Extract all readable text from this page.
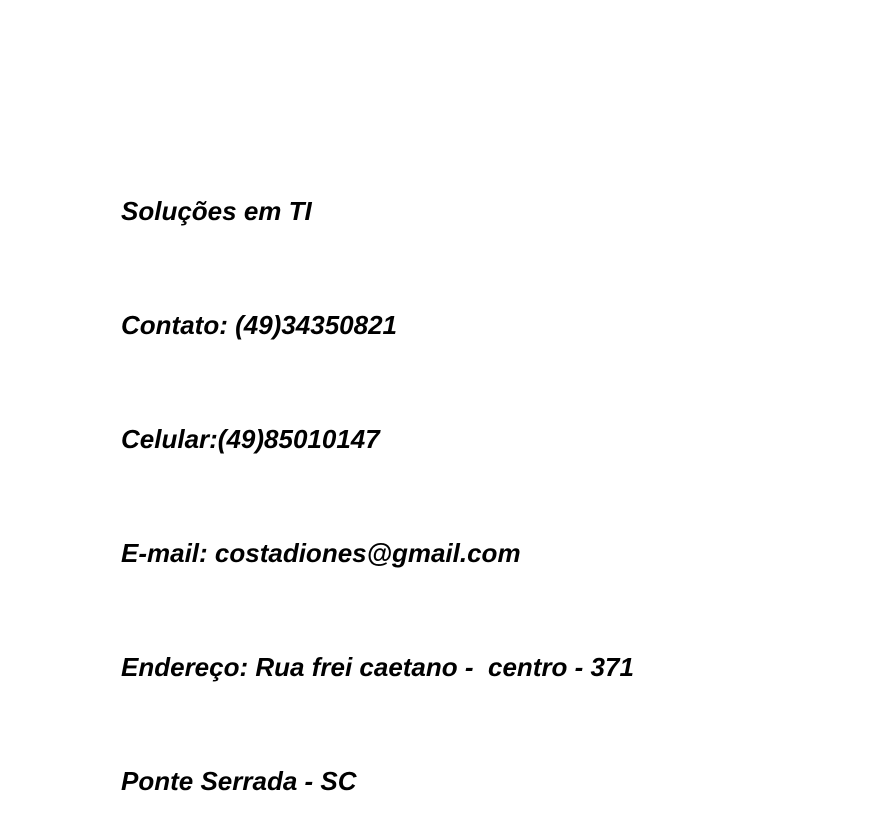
Soluções em TI

Contato: (49)34350821

Celular:(49)85010147

E-mail: costadiones@gmail.com

Endereço: Rua frei caetano -  centro - 371

Ponte Serrada - SC
